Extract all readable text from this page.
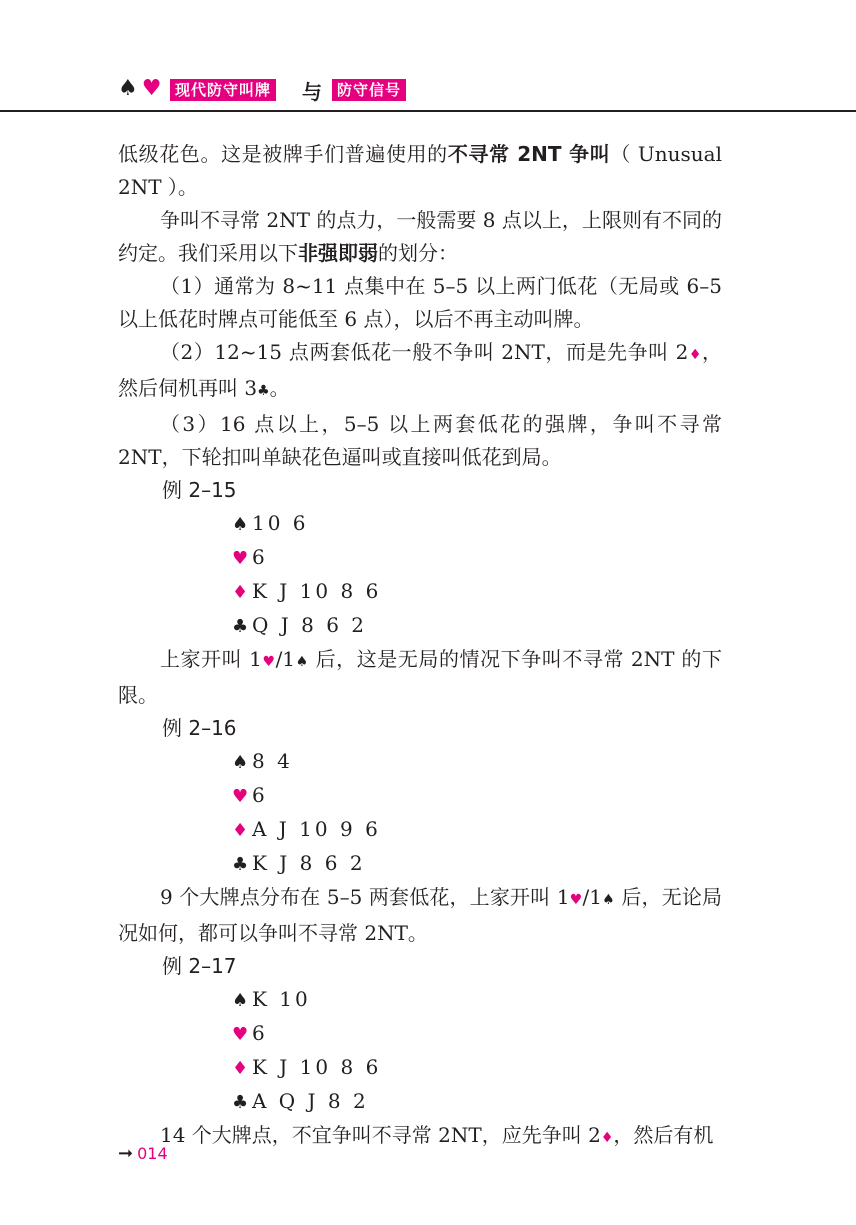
♠ ♥ 现代防守叫牌 与	防守信号

低级花色。这是被牌手们普遍使用的不寻常 2NT 争叫（ Unusual 2NT ）。

争叫不寻常 2NT 的点力，一般需要 8 点以上，上限则有不同的约定。我们采用以下非强即弱的划分：

（1）通常为 8~11 点集中在 5–5 以上两门低花（无局或 6–5 以上低花时牌点可能低至 6 点），以后不再主动叫牌。

（2）12~15 点两套低花一般不争叫 2NT，而是先争叫 2♦，然后伺机再叫 3♣。

（3）16 点以上，5–5 以上两套低花的强牌，争叫不寻常 2NT，下轮扣叫单缺花色逼叫或直接叫低花到局。

例 2–15
♠10 6
♥6
♦K J 10 8 6
♣Q J 8 6 2

上家开叫 1♥/1♠ 后，这是无局的情况下争叫不寻常 2NT 的下限。

例 2–16
♠8 4
♥6
♦A J 10 9 6
♣K J 8 6 2

9 个大牌点分布在 5–5 两套低花，上家开叫 1♥/1♠ 后，无论局况如何，都可以争叫不寻常 2NT。

例 2–17
♠K 10
♥6
♦K J 10 8 6
♣A Q J 8 2

14 个大牌点，不宜争叫不寻常 2NT，应先争叫 2♦，然后有机

➞ 014
